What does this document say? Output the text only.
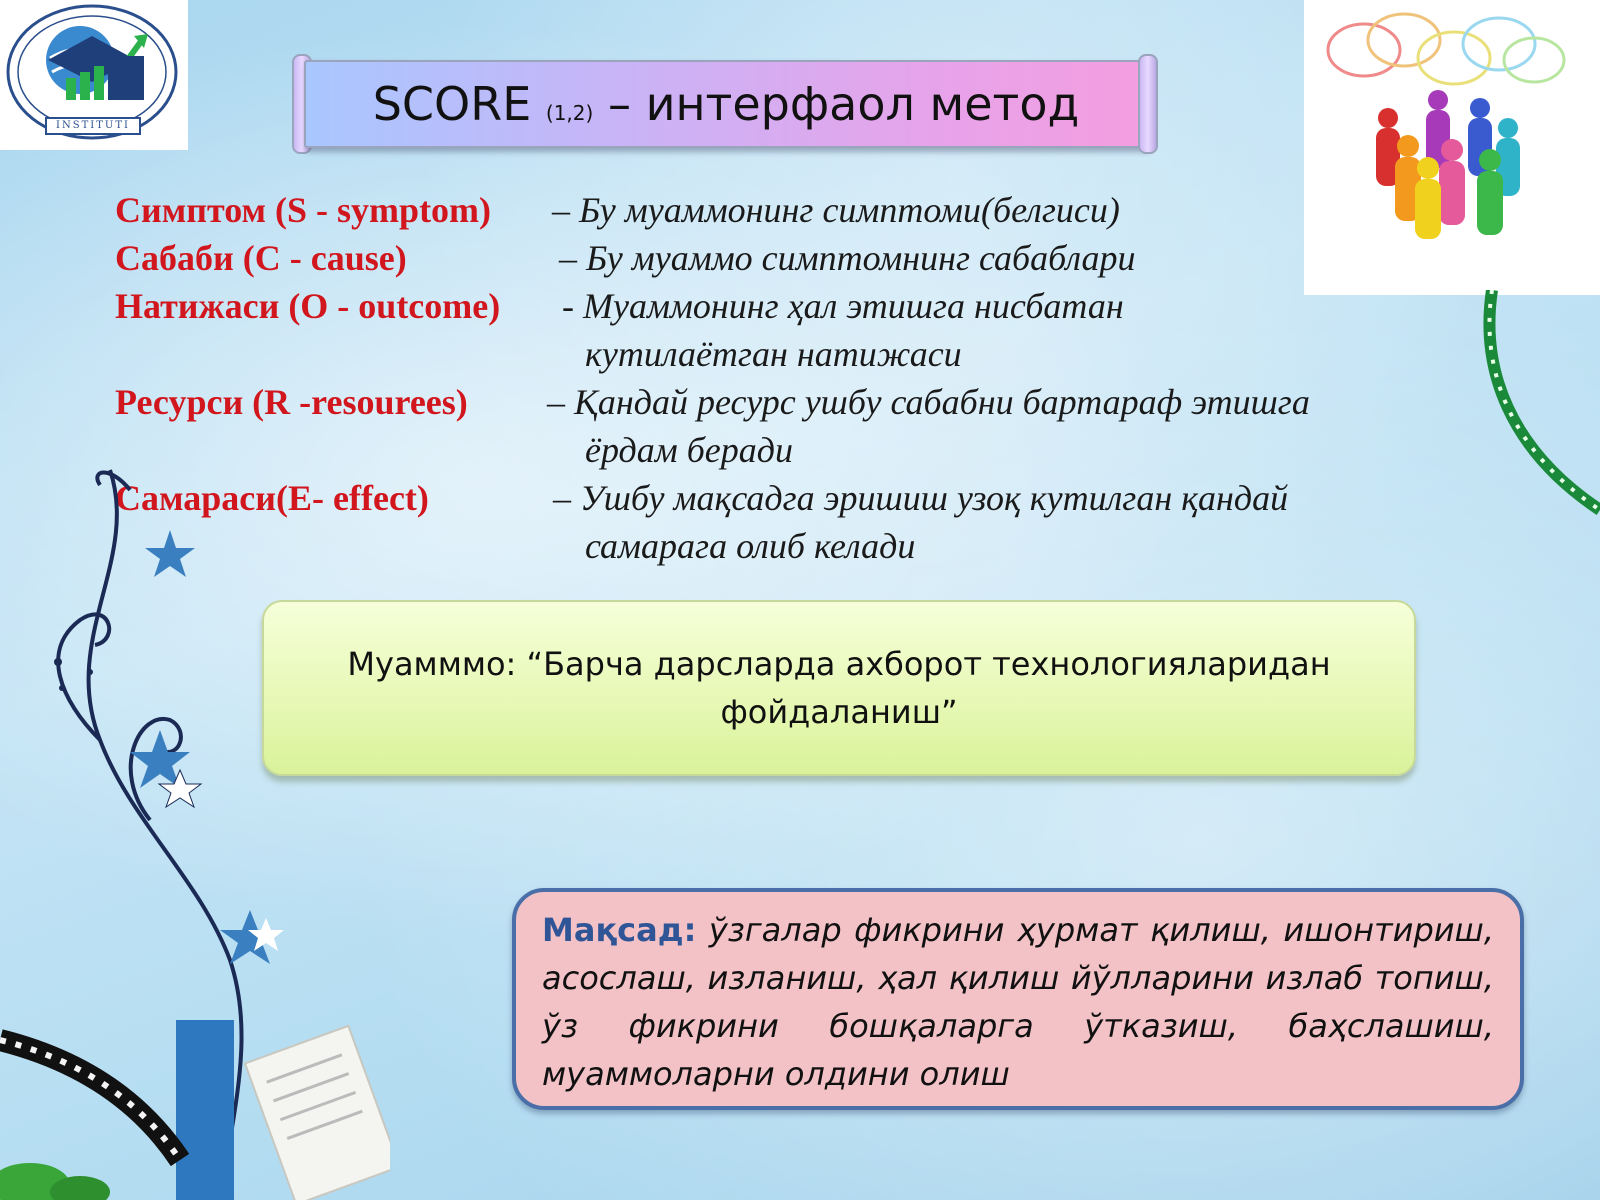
INSTITUTI	SCORE (1,2) – интерфаол метод
Симптом (S - symptom) – Бу муаммонинг симптоми(белгиси)
Сабаби (C - cause)	– Бу муаммо симптомнинг сабаблари
Натижаси (O - outcome) - Муаммонинг ҳал этишга нисбатан
кутилаётган натижаси
Ресурси (R -resourees) – Қандай ресурс ушбу сабабни бартараф этишга
ёрдам беради
Самараси(E- effect)	– Ушбу мақсадга эришиш узоқ кутилган қандай
самарага олиб келади
Муамммо: “Барча дарсларда ахборот технологияларидан
фойдаланиш”
Мақсад: ўзгалар фикрини ҳурмат қилиш, ишонтириш, асослаш, изланиш, ҳал қилиш йўлларини излаб топиш, ўз фикрини бошқаларга ўтказиш, баҳслашиш, муаммоларни олдини олиш
